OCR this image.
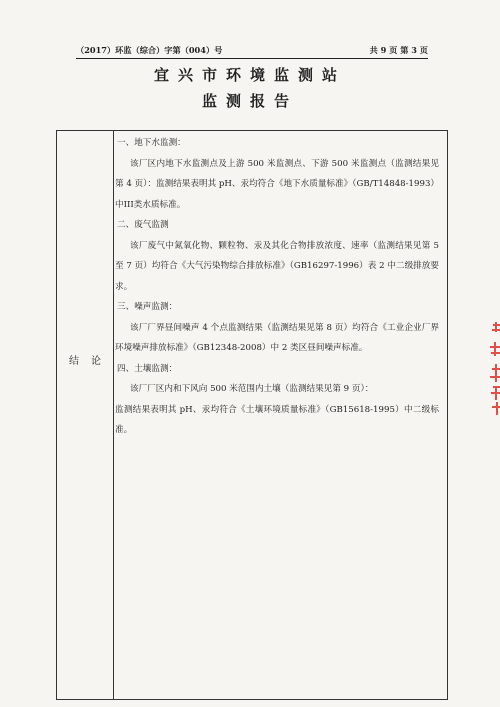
（2017）环监（综合）字第（004）号	共 9 页 第 3 页
宜兴市环境监测站
监测报告
结论

一、地下水监测：

该厂区内地下水监测点及上游 500 米监测点、下游 500 米监测点（监测结果见第 4 页）：监测结果表明其 pH、汞均符合《地下水质量标准》（GB/T14848-1993）中III类水质标准。

二、废气监测

该厂废气中氮氧化物、颗粒物、汞及其化合物排放浓度、速率（监测结果见第 5 至 7 页）均符合《大气污染物综合排放标准》（GB16297-1996）表 2 中二级排放要求。

三、噪声监测：

该厂厂界昼间噪声 4 个点监测结果（监测结果见第 8 页）均符合《工业企业厂界环境噪声排放标准》（GB12348-2008）中 2 类区昼间噪声标准。

四、土壤监测：

该厂厂区内和下风向 500 米范围内土壤（监测结果见第 9 页）：

监测结果表明其 pH、汞均符合《土壤环境质量标准》（GB15618-1995）中二级标准。
